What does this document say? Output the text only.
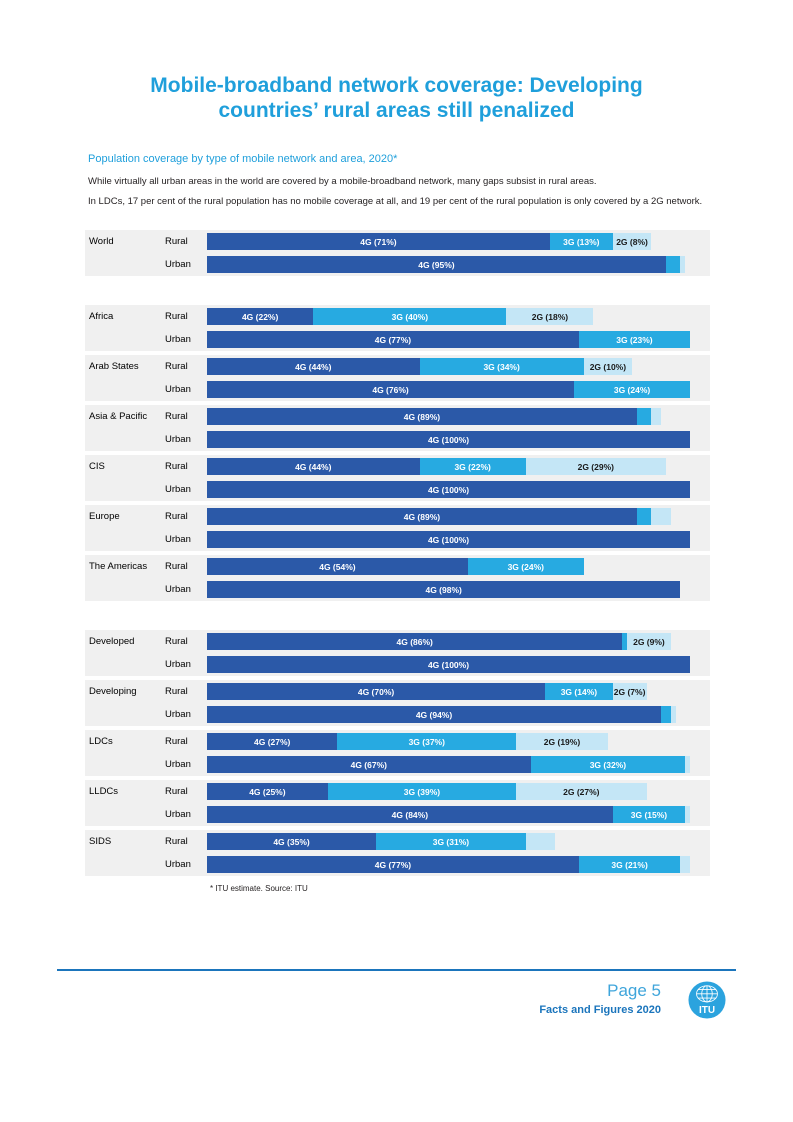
Mobile-broadband network coverage: Developing
countries’ rural areas still penalized
Population coverage by type of mobile network and area, 2020*

While virtually all urban areas in the world are covered by a mobile-broadband network, many gaps subsist in rural areas.

In LDCs, 17 per cent of the rural population has no mobile coverage at all, and 19 per cent of the rural population is only covered by a 2G network.

World	Rural	4G (71%)	3G (13%) 2G (8%)
Urban	4G (95%)
Africa	Rural	4G (22%)	3G (40%)	2G (18%)
Urban	4G (77%)	3G (23%)
Arab States	Rural	4G (44%)	3G (34%)	2G (10%)
Urban	4G (76%)	3G (24%)
Asia & Pacific	Rural	4G (89%)
Urban	4G (100%)
CIS	Rural	4G (44%)	3G (22%)	2G (29%)
Urban	4G (100%)
Europe	Rural	4G (89%)
Urban	4G (100%)
The Americas	Rural	4G (54%)	3G (24%)
Urban	4G (98%)
Developed	Rural	4G (86%)	2G (9%)
Urban	4G (100%)
Developing	Rural	4G (70%)	3G (14%) 2G (7%)
Urban	4G (94%)
LDCs	Rural	4G (27%)	3G (37%)	2G (19%)
Urban	4G (67%)	3G (32%)
LLDCs	Rural	4G (25%)	3G (39%)	2G (27%)
Urban	4G (84%)	3G (15%)
SIDS	Rural	4G (35%)	3G (31%)
Urban	4G (77%)	3G (21%)
* ITU estimate. Source: ITU
Page 5
Facts and Figures 2020	ITU
